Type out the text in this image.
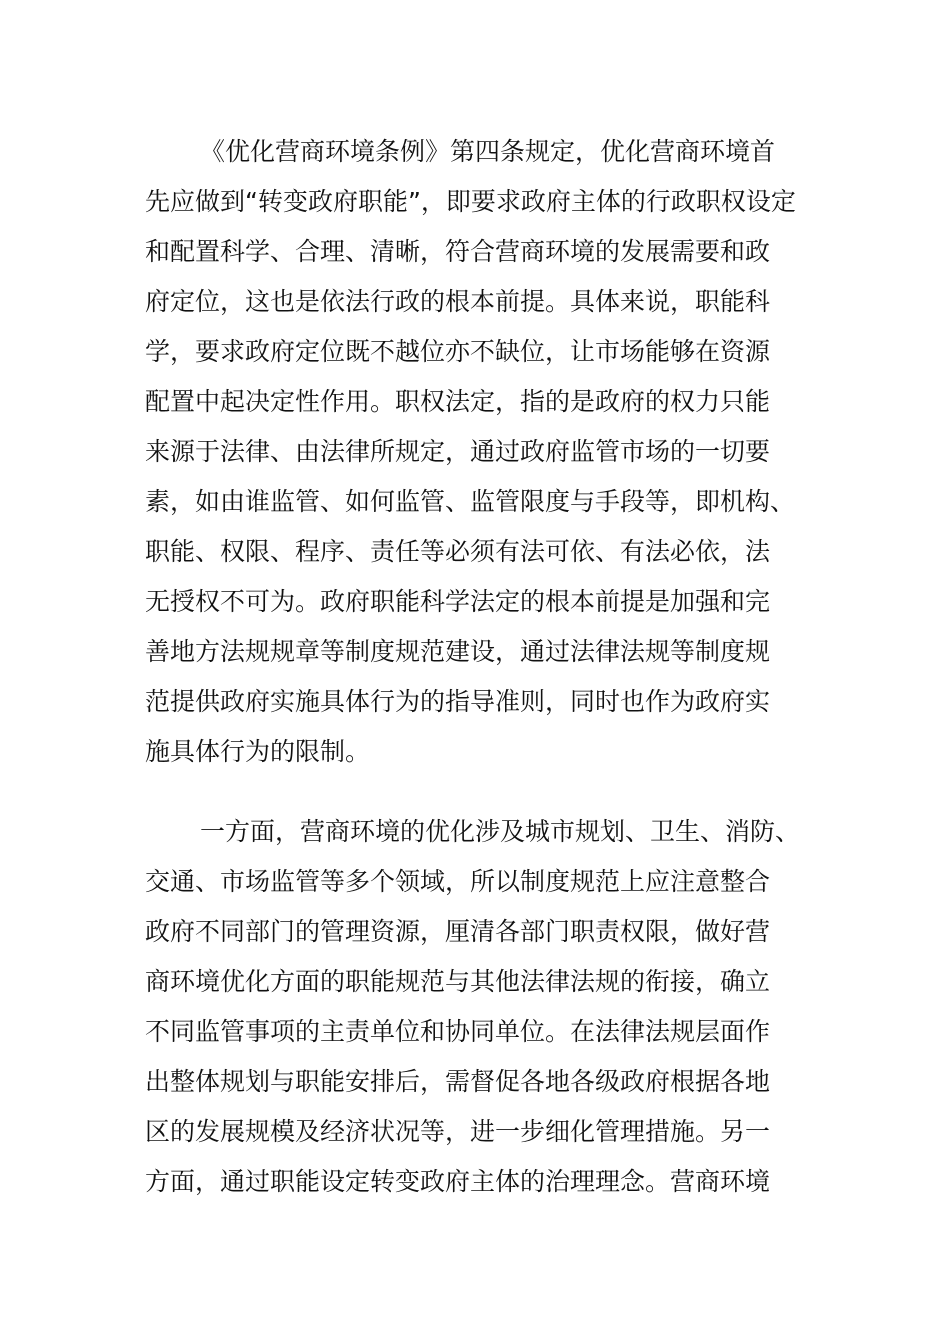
《优化营商环境条例》第四条规定，优化营商环境首
先应做到“转变政府职能”，即要求政府主体的行政职权设定
和配置科学、合理、清晰，符合营商环境的发展需要和政
府定位，这也是依法行政的根本前提。具体来说，职能科
学，要求政府定位既不越位亦不缺位，让市场能够在资源
配置中起决定性作用。职权法定，指的是政府的权力只能
来源于法律、由法律所规定，通过政府监管市场的一切要
素，如由谁监管、如何监管、监管限度与手段等，即机构、
职能、权限、程序、责任等必须有法可依、有法必依，法
无授权不可为。政府职能科学法定的根本前提是加强和完
善地方法规规章等制度规范建设，通过法律法规等制度规
范提供政府实施具体行为的指导准则，同时也作为政府实
施具体行为的限制。
一方面，营商环境的优化涉及城市规划、卫生、消防、
交通、市场监管等多个领域，所以制度规范上应注意整合
政府不同部门的管理资源，厘清各部门职责权限，做好营
商环境优化方面的职能规范与其他法律法规的衔接，确立
不同监管事项的主责单位和协同单位。在法律法规层面作
出整体规划与职能安排后，需督促各地各级政府根据各地
区的发展规模及经济状况等，进一步细化管理措施。另一
方面，通过职能设定转变政府主体的治理理念。营商环境
